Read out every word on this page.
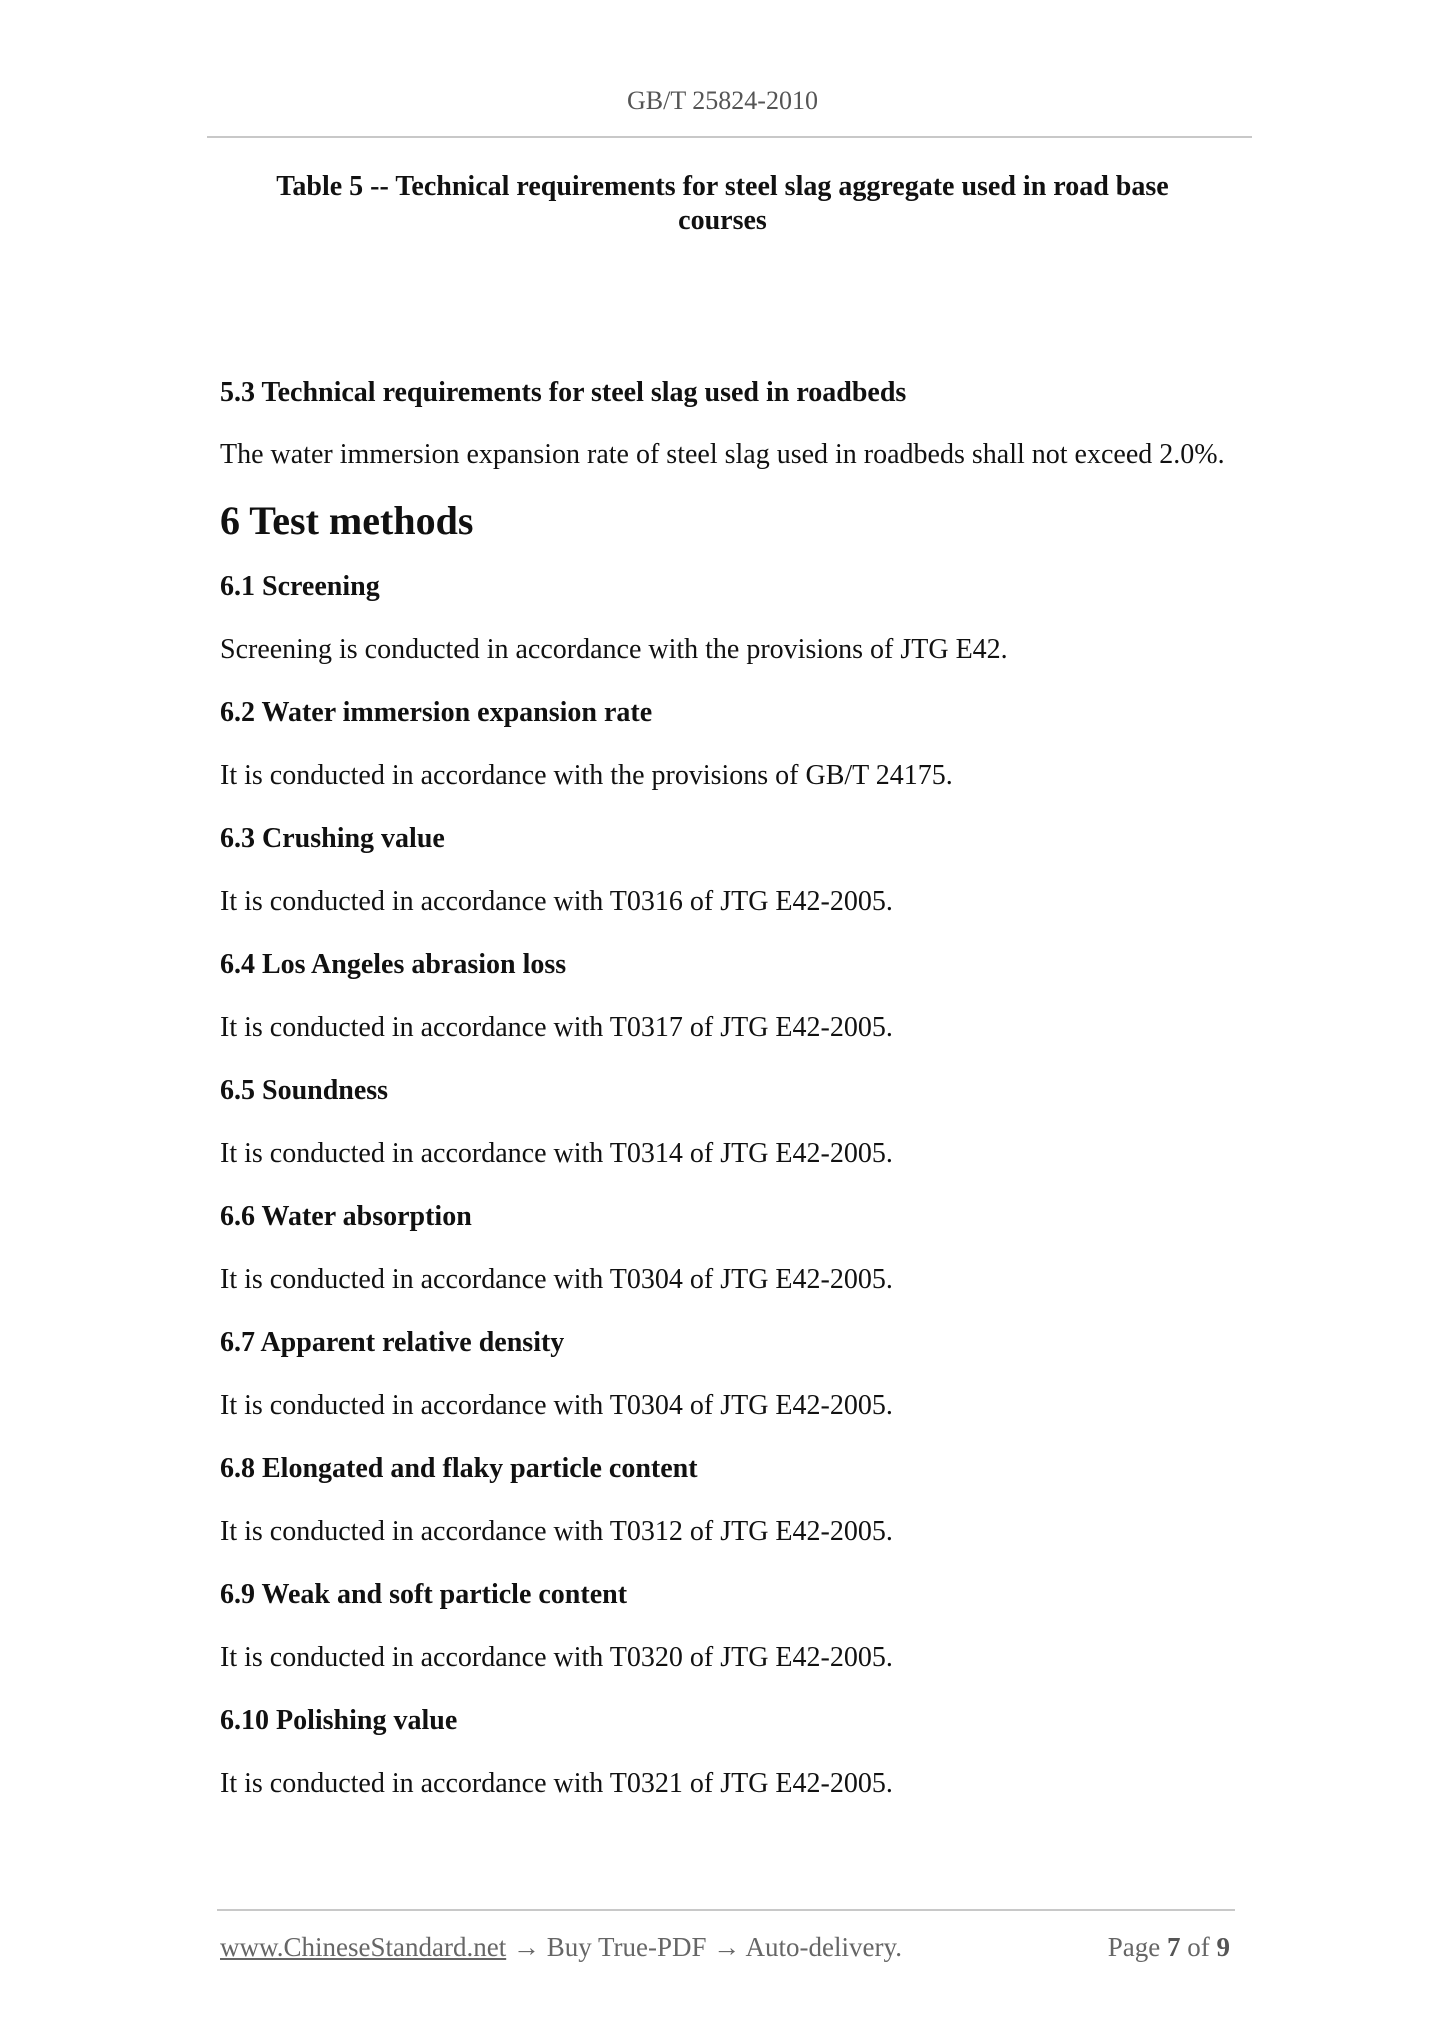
GB/T 25824-2010
Table 5 -- Technical requirements for steel slag aggregate used in road base courses
5.3 Technical requirements for steel slag used in roadbeds
The water immersion expansion rate of steel slag used in roadbeds shall not exceed 2.0%.
6 Test methods
6.1 Screening
Screening is conducted in accordance with the provisions of JTG E42.
6.2 Water immersion expansion rate
It is conducted in accordance with the provisions of GB/T 24175.
6.3 Crushing value
It is conducted in accordance with T0316 of JTG E42-2005.
6.4 Los Angeles abrasion loss
It is conducted in accordance with T0317 of JTG E42-2005.
6.5 Soundness
It is conducted in accordance with T0314 of JTG E42-2005.
6.6 Water absorption
It is conducted in accordance with T0304 of JTG E42-2005.
6.7 Apparent relative density
It is conducted in accordance with T0304 of JTG E42-2005.
6.8 Elongated and flaky particle content
It is conducted in accordance with T0312 of JTG E42-2005.
6.9 Weak and soft particle content
It is conducted in accordance with T0320 of JTG E42-2005.
6.10 Polishing value
It is conducted in accordance with T0321 of JTG E42-2005.
www.ChineseStandard.net → Buy True-PDF → Auto-delivery.	Page 7 of 9
